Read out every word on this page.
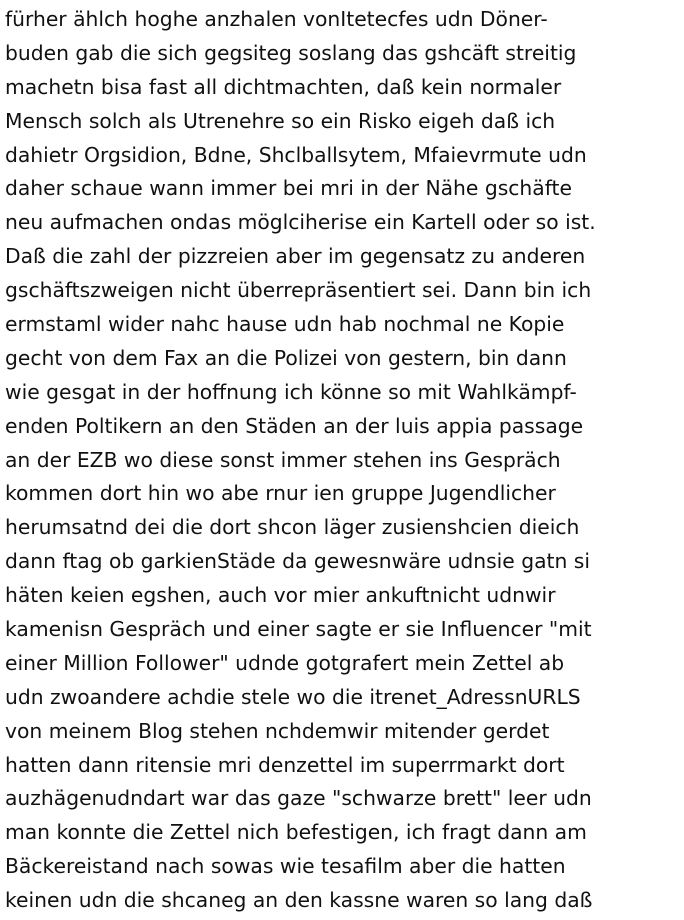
fürher ählch hoghe anzhalen vonItetecfes udn Döner-
buden gab die sich gegsiteg soslang das gshcäft streitig
machetn bisa fast all dichtmachten, daß kein normaler
Mensch solch als Utrenehre so ein Risko eigeh daß ich
dahietr Orgsidion, Bdne, Shclballsytem, Mfaievrmute udn
daher schaue wann immer bei mri in der Nähe gschäfte
neu aufmachen ondas möglciherise ein Kartell oder so ist.
Daß die zahl der pizzreien aber im gegensatz zu anderen
gschäftszweigen nicht überrepräsentiert sei. Dann bin ich
ermstaml wider nahc hause udn hab nochmal ne Kopie
gecht von dem Fax an die Polizei von gestern, bin dann
wie gesgat in der hoffnung ich könne so mit Wahlkämpf-
enden Poltikern an den Städen an der luis appia passage
an der EZB wo diese sonst immer stehen ins Gespräch
kommen dort hin wo abe rnur ien gruppe Jugendlicher
herumsatnd dei die dort shcon läger zusienshcien dieich
dann ftag ob garkienStäde da gewesnwäre udnsie gatn si
häten keien egshen, auch vor mier ankuftnicht udnwir
kamenisn Gespräch und einer sagte er sie Influencer "mit
einer Million Follower" udnde gotgrafert mein Zettel ab
udn zwoandere achdie stele wo die itrenet_AdressnURLS
von meinem Blog stehen nchdemwir mitender gerdet
hatten dann ritensie mri denzettel im superrmarkt dort
auzhägenudndart war das gaze "schwarze brett" leer udn
man konnte die Zettel nich befestigen, ich fragt dann am
Bäckereistand nach sowas wie tesafilm aber die hatten
keinen udn die shcaneg an den kassne waren so lang daß
